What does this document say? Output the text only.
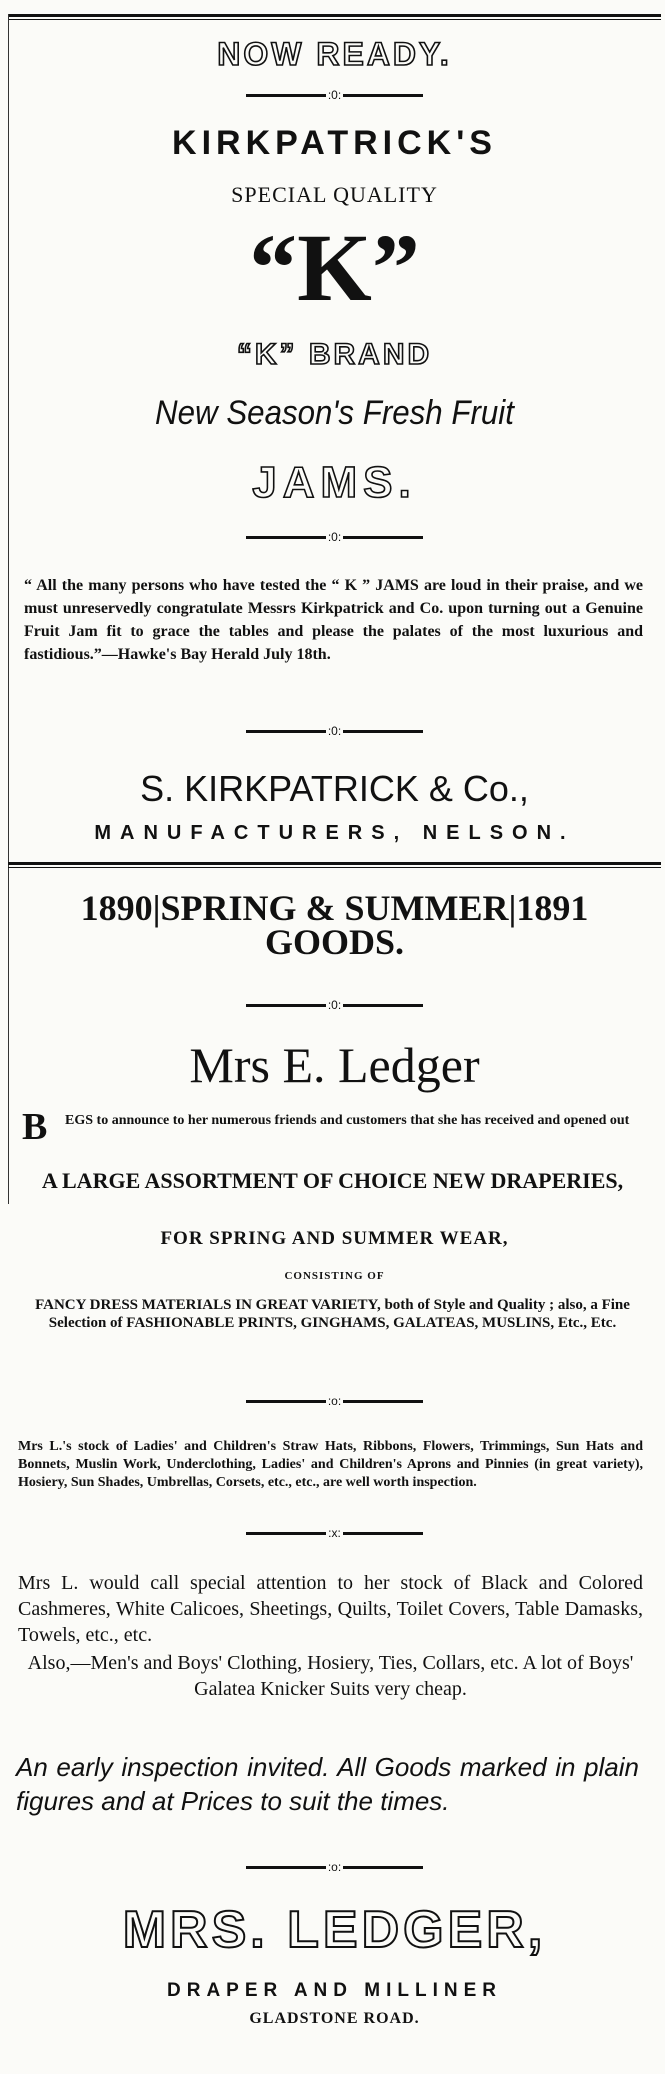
NOW READY.
:0:
KIRKPATRICK'S
SPECIAL QUALITY
“K”
“K” BRAND
New Season's Fresh Fruit
JAMS.
:0:
“ All the many persons who have tested the “ K ” JAMS are loud in their praise, and we must unreservedly congratulate Messrs Kirkpatrick and Co. upon turning out a Genuine Fruit Jam fit to grace the tables and please the palates of the most luxurious and fastidious.”—Hawke's Bay Herald July 18th.
:0:
S. KIRKPATRICK & Co.,
MANUFACTURERS, NELSON.
1890|SPRING & SUMMER|1891
GOODS.
:0:
Mrs E. Ledger
B EGS to announce to her numerous friends and customers that she has received and opened out
A LARGE ASSORTMENT OF CHOICE NEW DRAPERIES,
FOR SPRING AND SUMMER WEAR,
CONSISTING OF
FANCY DRESS MATERIALS IN GREAT VARIETY, both of Style and Quality ; also, a Fine Selection of FASHIONABLE PRINTS, GINGHAMS, GALATEAS, MUSLINS, Etc., Etc.
:o:
Mrs L.'s stock of Ladies' and Children's Straw Hats, Ribbons, Flowers, Trimmings, Sun Hats and Bonnets, Muslin Work, Underclothing, Ladies' and Children's Aprons and Pinnies (in great variety), Hosiery, Sun Shades, Umbrellas, Corsets, etc., etc., are well worth inspection.
:x:
Mrs L. would call special attention to her stock of Black and Colored Cashmeres, White Calicoes, Sheetings, Quilts, Toilet Covers, Table Damasks, Towels, etc., etc.
Also,—Men's and Boys' Clothing, Hosiery, Ties, Collars, etc. A lot of Boys' Galatea Knicker Suits very cheap.
An early inspection invited. All Goods marked in plain figures and at Prices to suit the times.
:o:
MRS. LEDGER,
DRAPER AND MILLINER
GLADSTONE ROAD.
